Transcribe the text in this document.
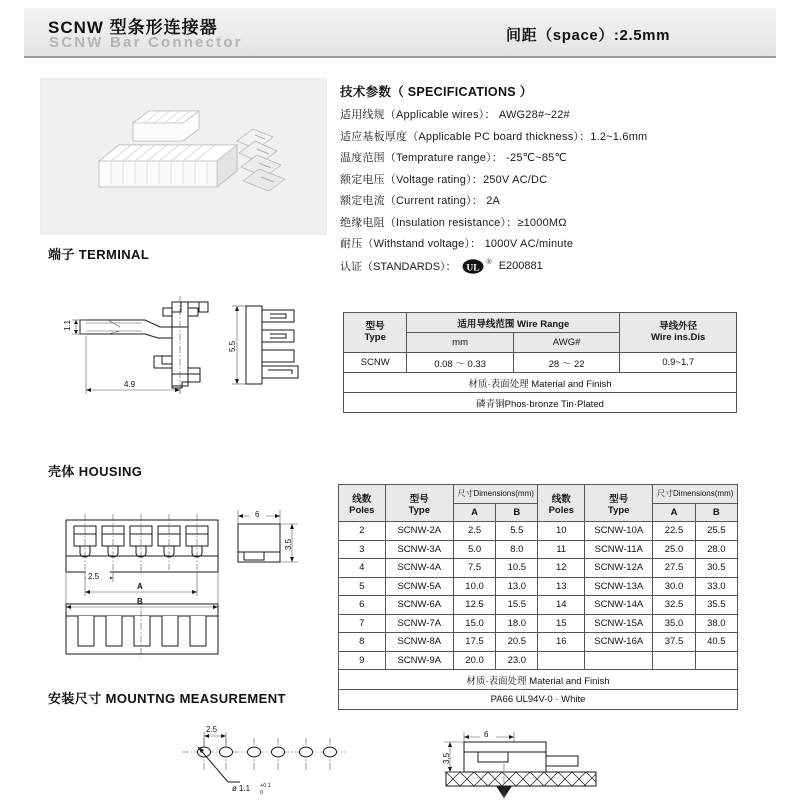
SCNW 型条形连接器
SCNW Bar Connector	间距（space）:2.5mm
技术参数（ SPECIFICATIONS ）
适用线规（Applicable wires）： AWG28#~22#
适应基板厚度（Applicable PC board thickness）：1.2~1.6mm
温度范围（Temprature range）： -25℃~85℃
额定电压（Voltage rating）：250V AC/DC
额定电流（Current rating）： 2A
绝缘电阻（Insulation resistance）：≥1000MΩ
耐压（Withstand voltage）： 1000V AC/minute
认证（STANDARDS）： UL
® E200881
端子 TERMINAL
1.1
4.9
5.5
型号
Type
	适用导线范围 Wire Range	导线外径
Wire ins.Dis

	mm	AWG#	
SCNW	0.08 ～ 0.33	28 ～ 22	0.9~1.7
材质·表面处理 Material and Finish			
磷青铜Phos·bronze Tin·Plated			
壳体 HOUSING
2.5
A
B
6
3.5
线数
Poles

型号
Type
	尺寸Dimensions(mm)	线数
Poles

型号
Type
	尺寸Dimensions(mm)
		A	B			A	B
2	SCNW-2A	2.5	5.5	10	SCNW-10A	22.5	25.5
3	SCNW-3A	5.0	8.0	11	SCNW-11A	25.0	28.0
4	SCNW-4A	7.5	10.5	12	SCNW-12A	27.5	30.5
5	SCNW-5A	10.0	13.0	13	SCNW-13A	30.0	33.0
6	SCNW-6A	12.5	15.5	14	SCNW-14A	32.5	35.5
7	SCNW-7A	15.0	18.0	15	SCNW-15A	35.0	38.0
8	SCNW-8A	17.5	20.5	16	SCNW-16A	37.5	40.5
9	SCNW-9A	20.0	23.0				
材质·表面处理 Material and Finish							
PA66 UL94V-0 · White							
安装尺寸 MOUNTNG MEASUREMENT
2.5
ø 1.1 +0.1
0
6
3.5
